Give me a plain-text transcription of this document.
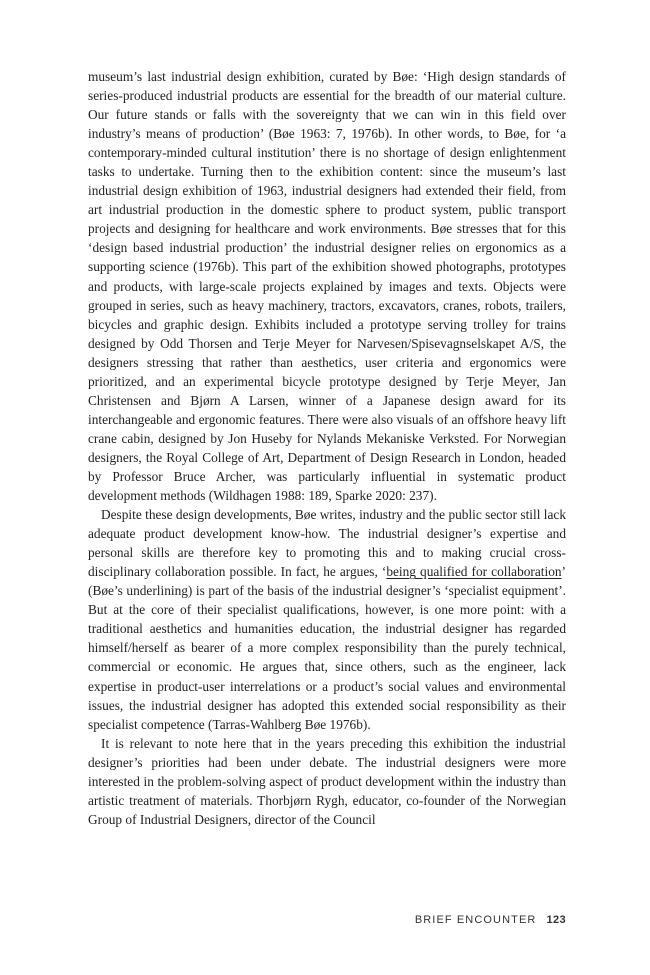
museum’s last industrial design exhibition, curated by Bøe: ‘High design standards of series-produced industrial products are essential for the breadth of our material culture. Our future stands or falls with the sovereignty that we can win in this field over industry’s means of production’ (Bøe 1963: 7, 1976b). In other words, to Bøe, for ‘a contemporary-minded cultural institution’ there is no shortage of design enlightenment tasks to undertake. Turning then to the exhibition content: since the museum’s last industrial design exhibition of 1963, industrial designers had extended their field, from art industrial production in the domestic sphere to product system, public transport projects and designing for healthcare and work environments. Bøe stresses that for this ‘design based industrial production’ the industrial designer relies on ergonomics as a supporting science (1976b). This part of the exhibition showed photographs, prototypes and products, with large-scale projects explained by images and texts. Objects were grouped in series, such as heavy machinery, tractors, excavators, cranes, robots, trailers, bicycles and graphic design. Exhibits included a prototype serving trolley for trains designed by Odd Thorsen and Terje Meyer for Narvesen/Spisevagnselskapet A/S, the designers stressing that rather than aesthetics, user criteria and ergonomics were prioritized, and an experimental bicycle prototype designed by Terje Meyer, Jan Christensen and Bjørn A Larsen, winner of a Japanese design award for its interchangeable and ergonomic features. There were also visuals of an offshore heavy lift crane cabin, designed by Jon Huseby for Nylands Mekaniske Verksted. For Norwegian designers, the Royal College of Art, Department of Design Research in London, headed by Professor Bruce Archer, was particularly influential in systematic product development methods (Wildhagen 1988: 189, Sparke 2020: 237).

Despite these design developments, Bøe writes, industry and the public sector still lack adequate product development know-how. The industrial designer’s expertise and personal skills are therefore key to promoting this and to making crucial cross-disciplinary collaboration possible. In fact, he argues, ‘being qualified for collaboration’ (Bøe’s underlining) is part of the basis of the industrial designer’s ‘specialist equipment’. But at the core of their specialist qualifications, however, is one more point: with a traditional aesthetics and humanities education, the industrial designer has regarded himself/herself as bearer of a more complex responsibility than the purely technical, commercial or economic. He argues that, since others, such as the engineer, lack expertise in product-user interrelations or a product’s social values and environmental issues, the industrial designer has adopted this extended social responsibility as their specialist competence (Tarras-Wahlberg Bøe 1976b).

It is relevant to note here that in the years preceding this exhibition the industrial designer’s priorities had been under debate. The industrial designers were more interested in the problem-solving aspect of product development within the industry than artistic treatment of materials. Thorbjørn Rygh, educator, co-founder of the Norwegian Group of Industrial Designers, director of the Council

BRIEF ENCOUNTER 123
